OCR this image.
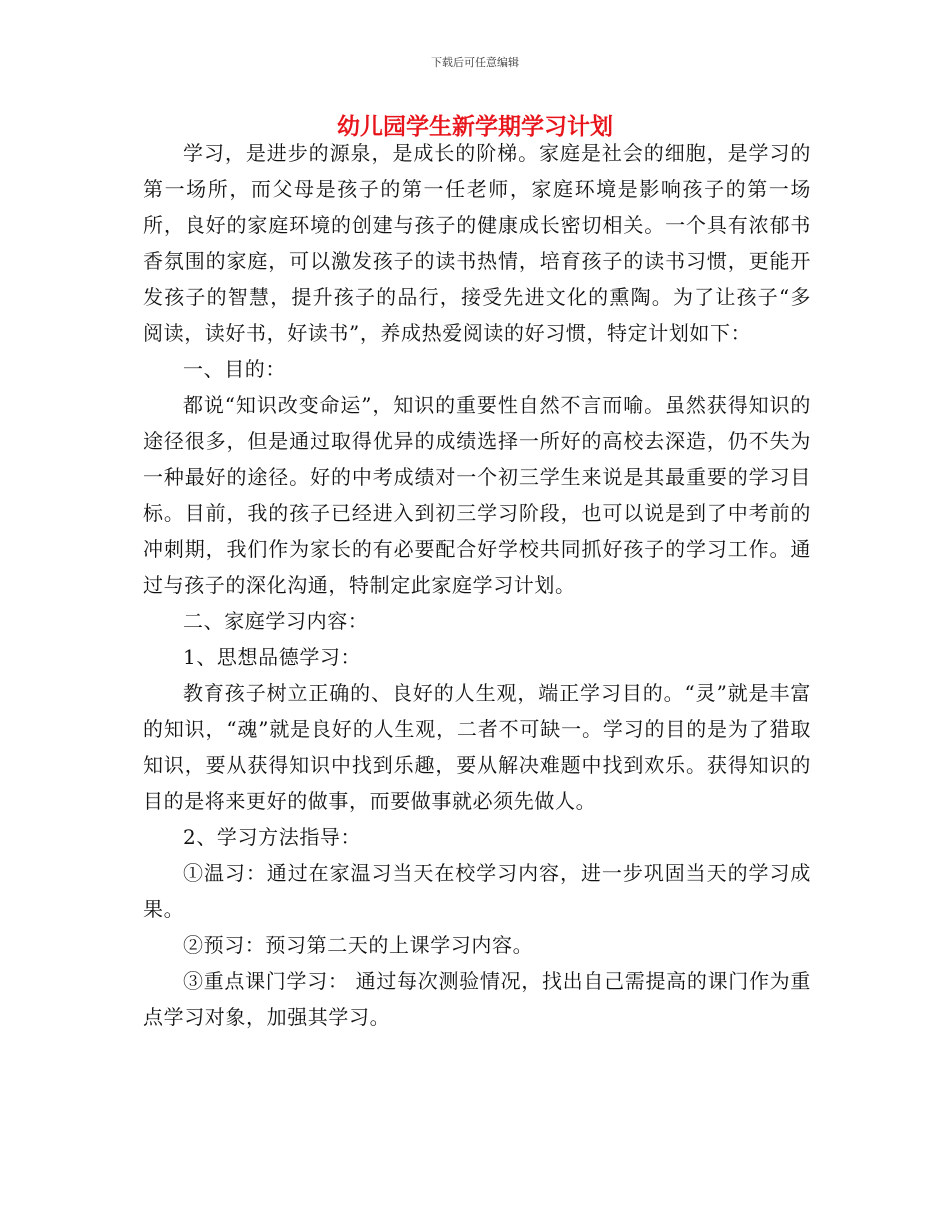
下载后可任意编辑
幼儿园学生新学期学习计划

学习，是进步的源泉，是成长的阶梯。家庭是社会的细胞，是学习的第一场所，而父母是孩子的第一任老师，家庭环境是影响孩子的第一场所，良好的家庭环境的创建与孩子的健康成长密切相关。一个具有浓郁书香氛围的家庭，可以激发孩子的读书热情，培育孩子的读书习惯，更能开发孩子的智慧，提升孩子的品行，接受先进文化的熏陶。为了让孩子“多阅读，读好书，好读书”，养成热爱阅读的好习惯，特定计划如下：

一、目的：

都说“知识改变命运”，知识的重要性自然不言而喻。虽然获得知识的途径很多，但是通过取得优异的成绩选择一所好的高校去深造，仍不失为一种最好的途径。好的中考成绩对一个初三学生来说是其最重要的学习目标。目前，我的孩子已经进入到初三学习阶段，也可以说是到了中考前的冲刺期，我们作为家长的有必要配合好学校共同抓好孩子的学习工作。通过与孩子的深化沟通，特制定此家庭学习计划。

二、家庭学习内容：

1、思想品德学习：

教育孩子树立正确的、良好的人生观，端正学习目的。“灵”就是丰富的知识，“魂”就是良好的人生观，二者不可缺一。学习的目的是为了猎取知识，要从获得知识中找到乐趣，要从解决难题中找到欢乐。获得知识的目的是将来更好的做事，而要做事就必须先做人。

2、学习方法指导：

①温习：通过在家温习当天在校学习内容，进一步巩固当天的学习成果。

②预习：预习第二天的上课学习内容。

③重点课门学习： 通过每次测验情况，找出自己需提高的课门作为重点学习对象，加强其学习。
